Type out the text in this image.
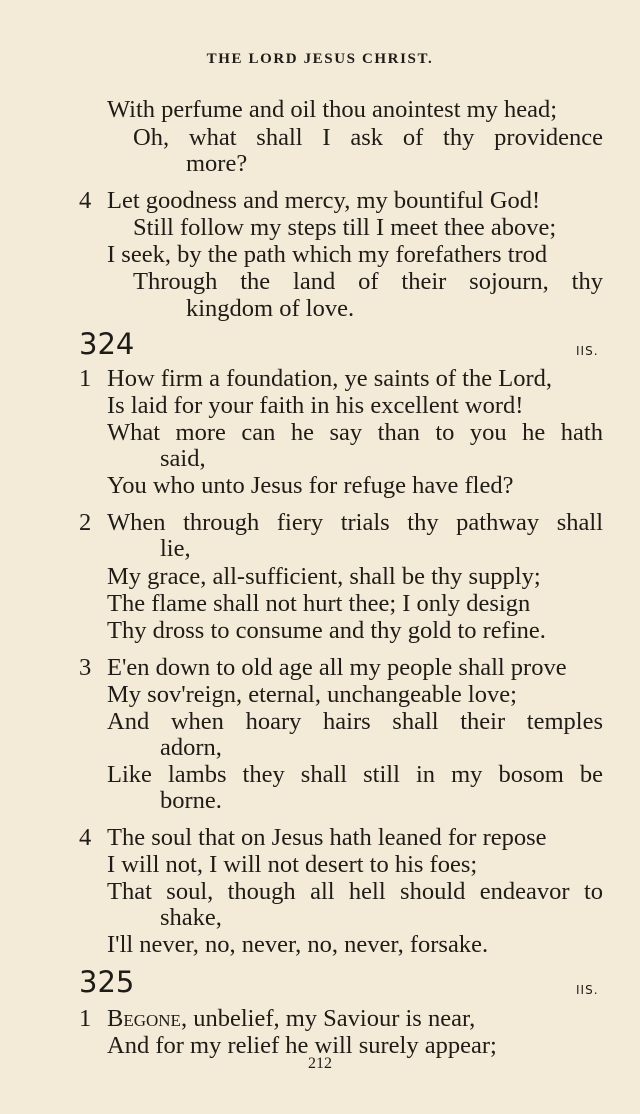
THE LORD JESUS CHRIST.
With perfume and oil thou anointest my head;
Oh, what shall I ask of thy providence
more?
4 Let goodness and mercy, my bountiful God!
Still follow my steps till I meet thee above;
I seek, by the path which my forefathers trod
Through the land of their sojourn, thy
kingdom of love.
324	IIS.
1 How firm a foundation, ye saints of the Lord,
Is laid for your faith in his excellent word!
What more can he say than to you he hath
said,
You who unto Jesus for refuge have fled?
2 When through fiery trials thy pathway shall
lie,
My grace, all-sufficient, shall be thy supply;
The flame shall not hurt thee; I only design
Thy dross to consume and thy gold to refine.
3 E'en down to old age all my people shall prove
My sov'reign, eternal, unchangeable love;
And when hoary hairs shall their temples
adorn,
Like lambs they shall still in my bosom be
borne.
4 The soul that on Jesus hath leaned for repose
I will not, I will not desert to his foes;
That soul, though all hell should endeavor to
shake,
I'll never, no, never, no, never, forsake.
325	IIS.
1 Begone, unbelief, my Saviour is near,
And for my relief he will surely appear;
212
